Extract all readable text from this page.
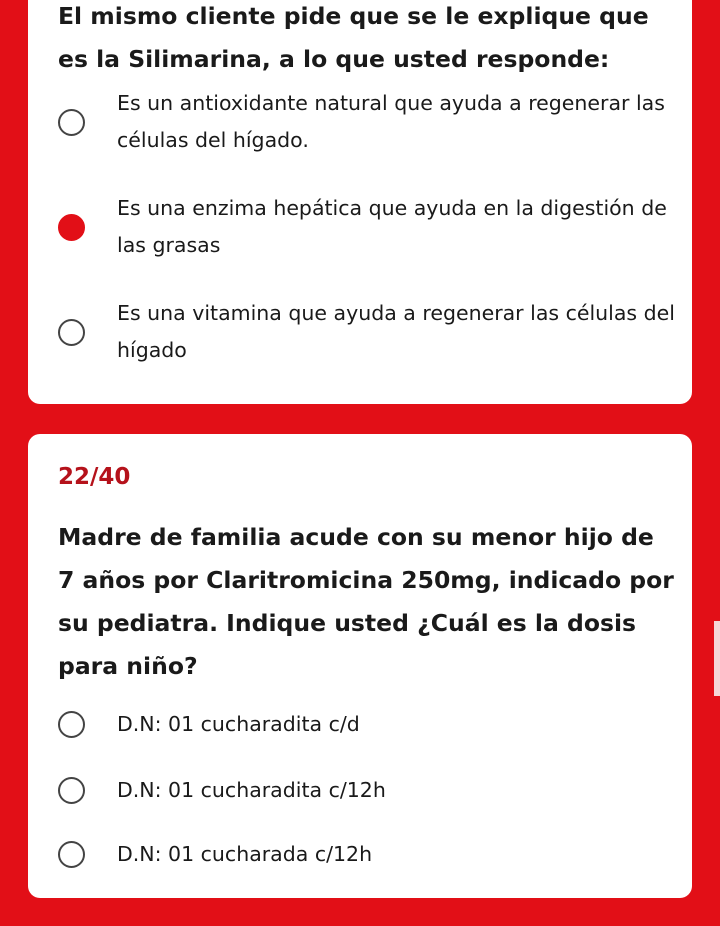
El mismo cliente pide que se le explique que es la Silimarina, a lo que usted responde:

Es un antioxidante natural que ayuda a regenerar las células del hígado.
Es una enzima hepática que ayuda en la digestión de las grasas
Es una vitamina que ayuda a regenerar las células del hígado

22/40

Madre de familia acude con su menor hijo de 7 años por Claritromicina 250mg, indicado por su pediatra. Indique usted ¿Cuál es la dosis para niño?

D.N: 01 cucharadita c/d
D.N: 01 cucharadita c/12h
D.N: 01 cucharada c/12h
